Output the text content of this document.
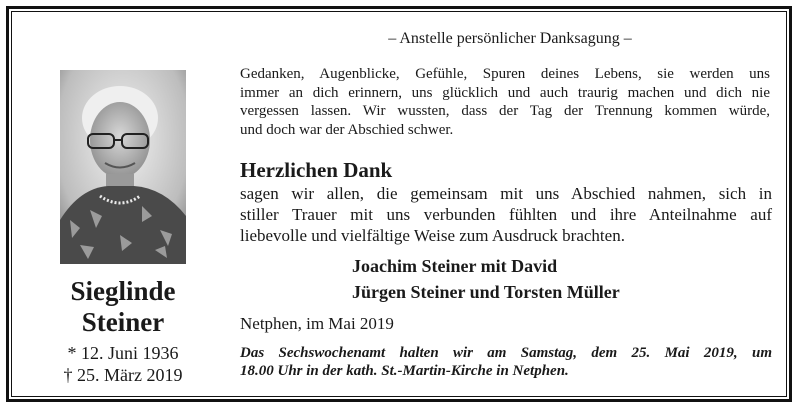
– Anstelle persönlicher Danksagung –
Sieglinde
Steiner
* 12. Juni 1936
† 25. März 2019
Gedanken, Augenblicke, Gefühle, Spuren deines Lebens, sie werden uns
immer an dich erinnern, uns glücklich und auch traurig machen und dich nie
vergessen lassen. Wir wussten, dass der Tag der Trennung kommen würde,
und doch war der Abschied schwer.
Herzlichen Dank
sagen wir allen, die gemeinsam mit uns Abschied nahmen, sich in
stiller Trauer mit uns verbunden fühlten und ihre Anteilnahme auf
liebevolle und vielfältige Weise zum Ausdruck brachten.
Joachim Steiner mit David
Jürgen Steiner und Torsten Müller
Netphen, im Mai 2019
Das Sechswochenamt halten wir am Samstag, dem 25. Mai 2019, um
18.00 Uhr in der kath. St.-Martin-Kirche in Netphen.
